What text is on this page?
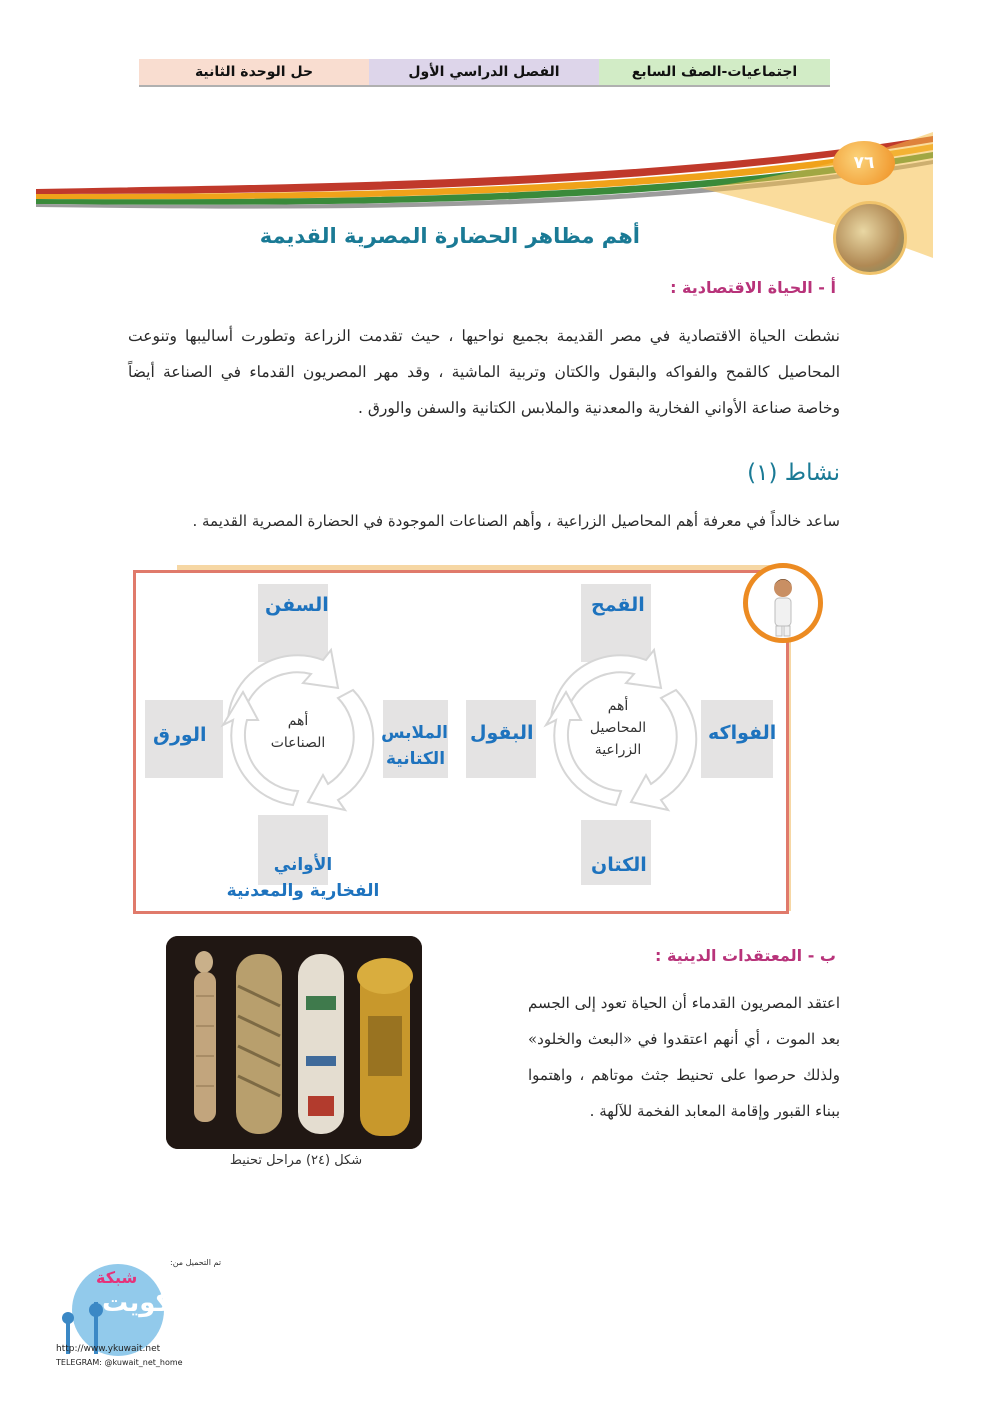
حل الوحدة الثانية	الفصل الدراسي الأول	اجتماعيات-الصف السابع
٧٦
أهم مظاهر الحضارة المصرية القديمة
أ - الحياة الاقتصادية :
نشطت الحياة الاقتصادية في مصر القديمة بجميع نواحيها ، حيث تقدمت الزراعة وتطورت أساليبها وتنوعت المحاصيل كالقمح والفواكه والبقول والكتان وتربية الماشية ، وقد مهر المصريون القدماء في الصناعة أيضاً وخاصة صناعة الأواني الفخارية والمعدنية والملابس الكتانية والسفن والورق .
نشاط (١)
ساعد خالداً في معرفة أهم المحاصيل الزراعية ، وأهم الصناعات الموجودة في الحضارة المصرية القديمة .
أهم
الصناعات
السفن
الورق	الملابس
الكتانية
الأواني
الفخارية والمعدنية
أهم
المحاصيل
الزراعية
القمح
الفواكه
الكتان
البقول
ب - المعتقدات الدينية :
اعتقد المصريون القدماء أن الحياة تعود إلى الجسم بعد الموت ، أي أنهم اعتقدوا في «البعث والخلود» ولذلك حرصوا على تحنيط جثث موتاهم ، واهتموا ببناء القبور وإقامة المعابد الفخمة للآلهة .
شكل (٢٤) مراحل تحنيط
تم التحميل من:
شبكة
يكويت
http://www.ykuwait.net
TELEGRAM: @kuwait_net_home
